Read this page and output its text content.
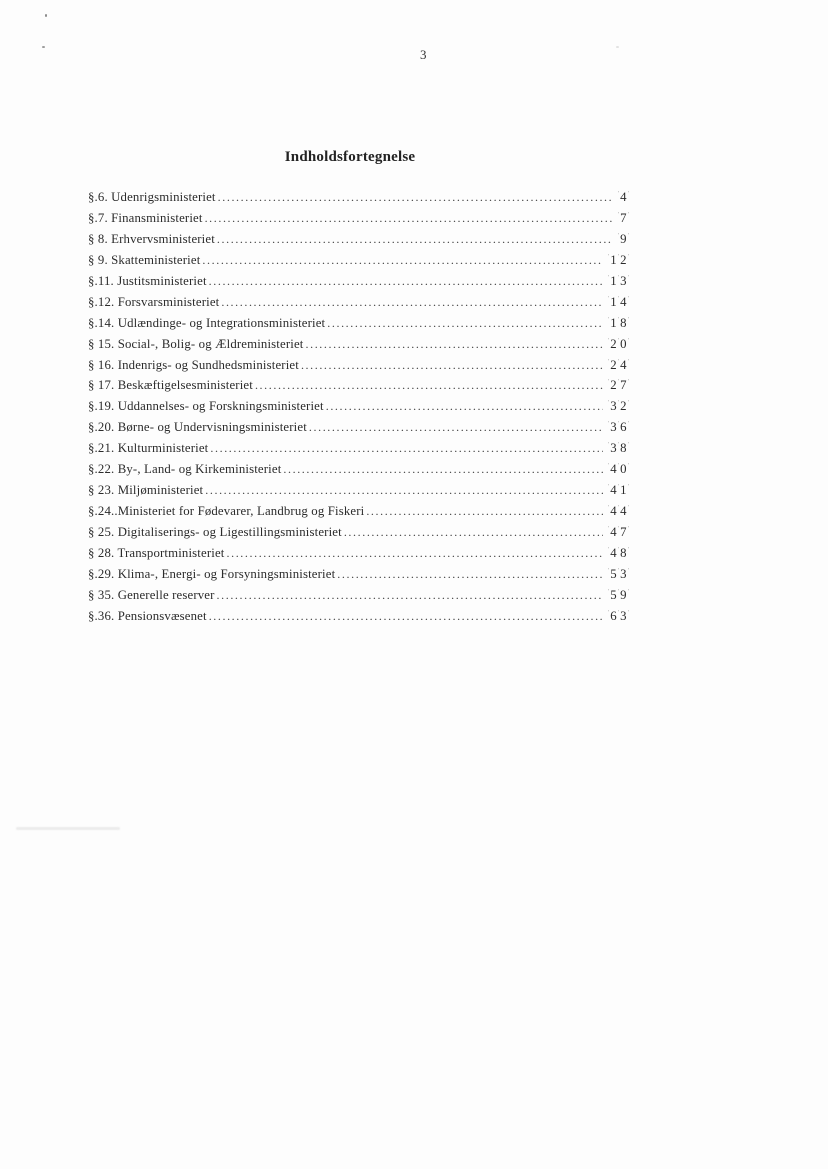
3
Indholdsfortegnelse
§.6. Udenrigsministeriet .....	′4′
§.7. Finansministeriet .....	′7′
§ 8. Erhvervsministeriet .....	′9′
§ 9. Skatteministeriet .....	′1′2′
§.11. Justitsministeriet .....	′1′3′
§.12. Forsvarsministeriet .....	′1′4′
§.14. Udlændinge- og Integrationsministeriet .....	′1′8′
§ 15. Social-, Bolig- og Ældreministeriet .....	′2′0′
§ 16. Indenrigs- og Sundhedsministeriet .....	′2′4′
§ 17. Beskæftigelsesministeriet .....	′2′7′
§.19. Uddannelses- og Forskningsministeriet .....	′3′2′
§.20. Børne- og Undervisningsministeriet .....	′3′6′
§.21. Kulturministeriet .....	′3′8′
§.22. By-, Land- og Kirkeministeriet .....	′4′0′
§ 23. Miljøministeriet .....	′4′1′
§.24..Ministeriet for Fødevarer, Landbrug og Fiskeri .....	′4′4′
§ 25. Digitaliserings- og Ligestillingsministeriet .....	′4′7′
§ 28. Transportministeriet .....	′4′8′
§.29. Klima-, Energi- og Forsyningsministeriet .....	′5′3′
§ 35. Generelle reserver .....	′5′9′
§.36. Pensionsvæsenet .....	′6′3′
